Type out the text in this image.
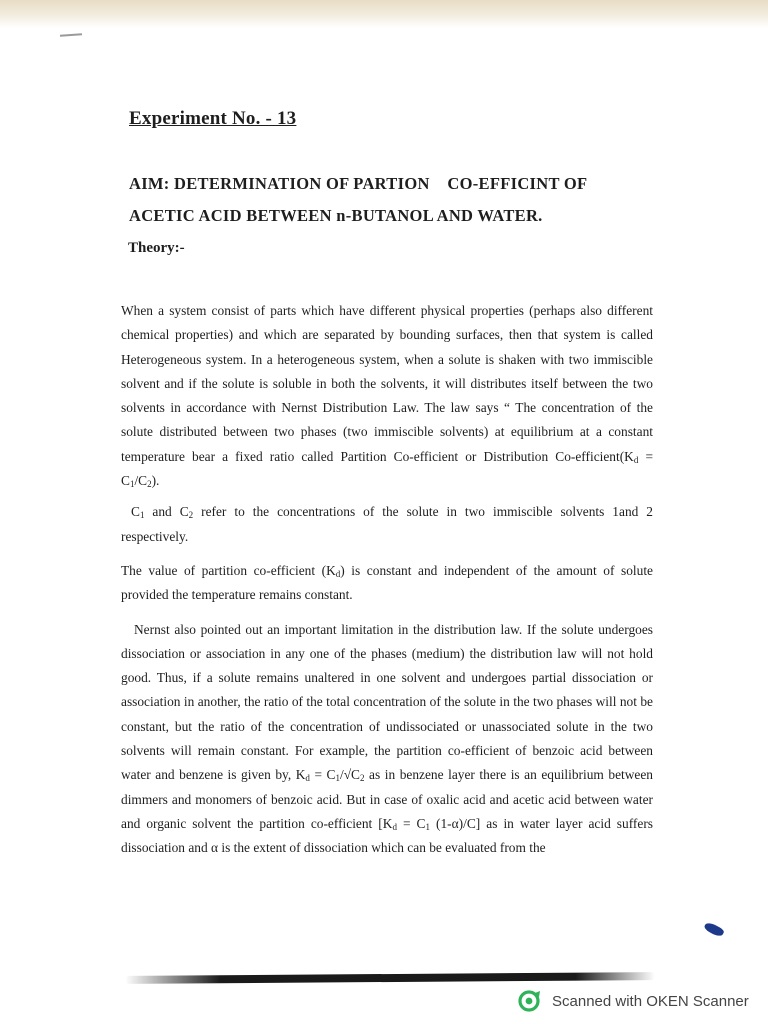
Experiment No. - 13
AIM: DETERMINATION OF PARTION    CO-EFFICINT OF
ACETIC ACID BETWEEN n-BUTANOL AND WATER.
Theory:-

When a system consist of parts which have different physical properties (perhaps also different chemical properties) and which are separated by bounding surfaces, then that system is called Heterogeneous system. In a heterogeneous system, when a solute is shaken with two immiscible solvent and if the solute is soluble in both the solvents, it will distributes itself between the two solvents in accordance with Nernst Distribution Law. The law says “ The concentration of the solute distributed between two phases (two immiscible solvents) at equilibrium at a constant temperature bear a fixed ratio called Partition Co-efficient or Distribution $Co-efficient(K_d = C_1/C_2)$.

$C_1$ and $C_2$ refer to the concentrations of the solute in two immiscible solvents 1and 2 respectively.

The value of partition co-efficient $(K_d)$ is constant and independent of the amount of solute provided the temperature remains constant.

Nernst also pointed out an important limitation in the distribution law. If the solute undergoes dissociation or association in any one of the phases (medium) the distribution law will not hold good. Thus, if a solute remains unaltered in one solvent and undergoes partial dissociation or association in another, the ratio of the total concentration of the solute in the two phases will not be constant, but the ratio of the concentration of undissociated or unassociated solute in the two solvents will remain constant. For example, the partition co-efficient of benzoic acid between water and benzene is given by, $K_d = C_1/√C_2$ as in benzene layer there is an equilibrium between dimmers and monomers of benzoic acid. But in case of oxalic acid and acetic acid between water and organic solvent the partition co-efficient [$K_d = C_1$ (1-α)/C] as in water layer acid suffers dissociation and α is the extent of dissociation which can be evaluated from the

Scanned with OKEN Scanner
